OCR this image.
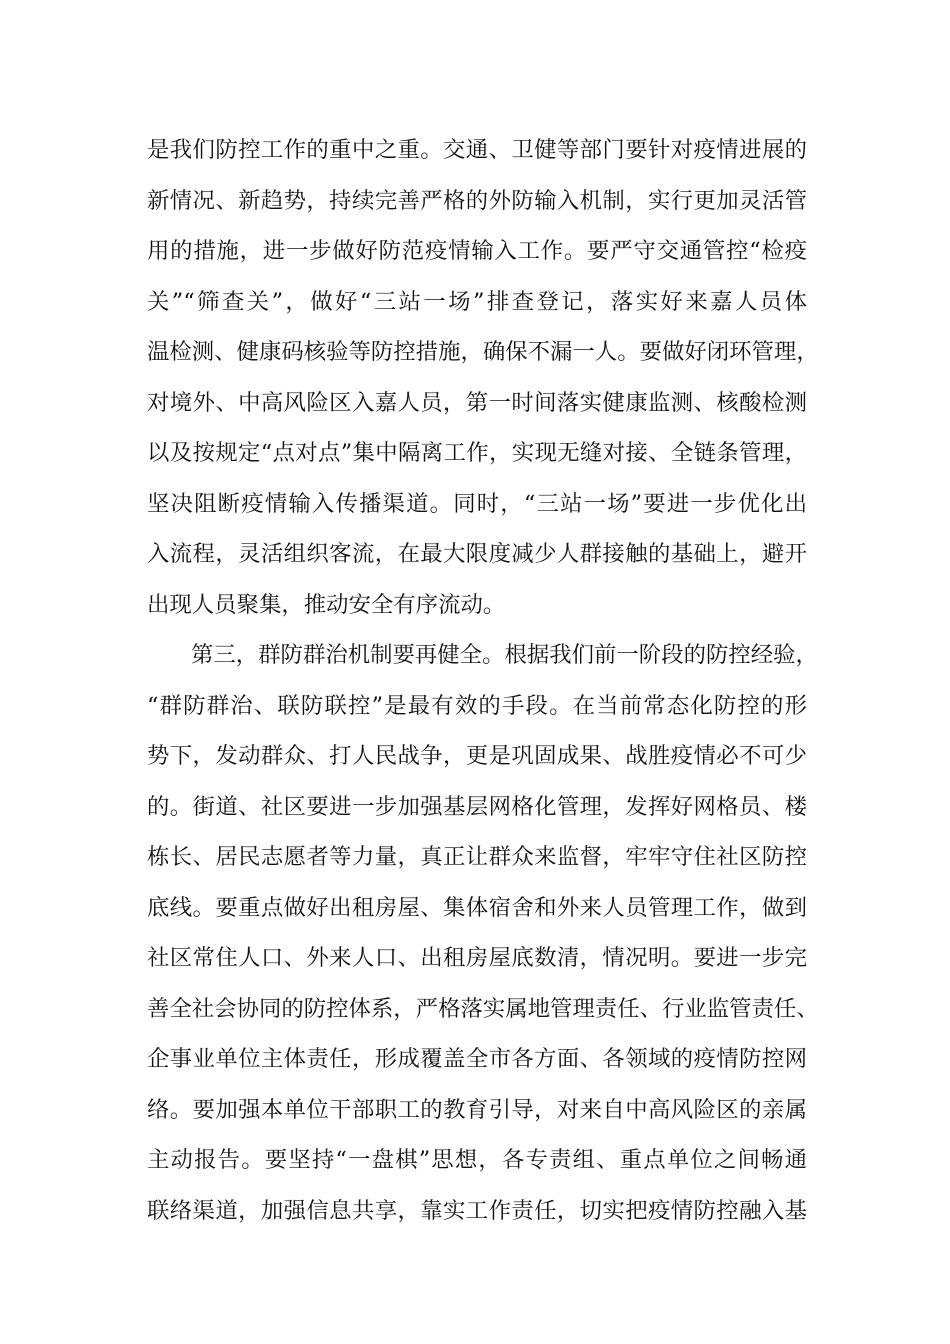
是我们防控工作的重中之重。交通、卫健等部门要针对疫情进展的
新情况、新趋势，持续完善严格的外防输入机制，实行更加灵活管
用的措施，进一步做好防范疫情输入工作。要严守交通管控“检疫
关”“筛查关”，做好“三站一场”排查登记，落实好来嘉人员体
温检测、健康码核验等防控措施，确保不漏一人。要做好闭环管理，
对境外、中高风险区入嘉人员，第一时间落实健康监测、核酸检测
以及按规定“点对点”集中隔离工作，实现无缝对接、全链条管理，
坚决阻断疫情输入传播渠道。同时，“三站一场”要进一步优化出
入流程，灵活组织客流，在最大限度减少人群接触的基础上，避开
出现人员聚集，推动安全有序流动。
第三，群防群治机制要再健全。根据我们前一阶段的防控经验，
“群防群治、联防联控”是最有效的手段。在当前常态化防控的形
势下，发动群众、打人民战争，更是巩固成果、战胜疫情必不可少
的。街道、社区要进一步加强基层网格化管理，发挥好网格员、楼
栋长、居民志愿者等力量，真正让群众来监督，牢牢守住社区防控
底线。要重点做好出租房屋、集体宿舍和外来人员管理工作，做到
社区常住人口、外来人口、出租房屋底数清，情况明。要进一步完
善全社会协同的防控体系，严格落实属地管理责任、行业监管责任、
企事业单位主体责任，形成覆盖全市各方面、各领域的疫情防控网
络。要加强本单位干部职工的教育引导，对来自中高风险区的亲属
主动报告。要坚持“一盘棋”思想，各专责组、重点单位之间畅通
联络渠道，加强信息共享，靠实工作责任，切实把疫情防控融入基
